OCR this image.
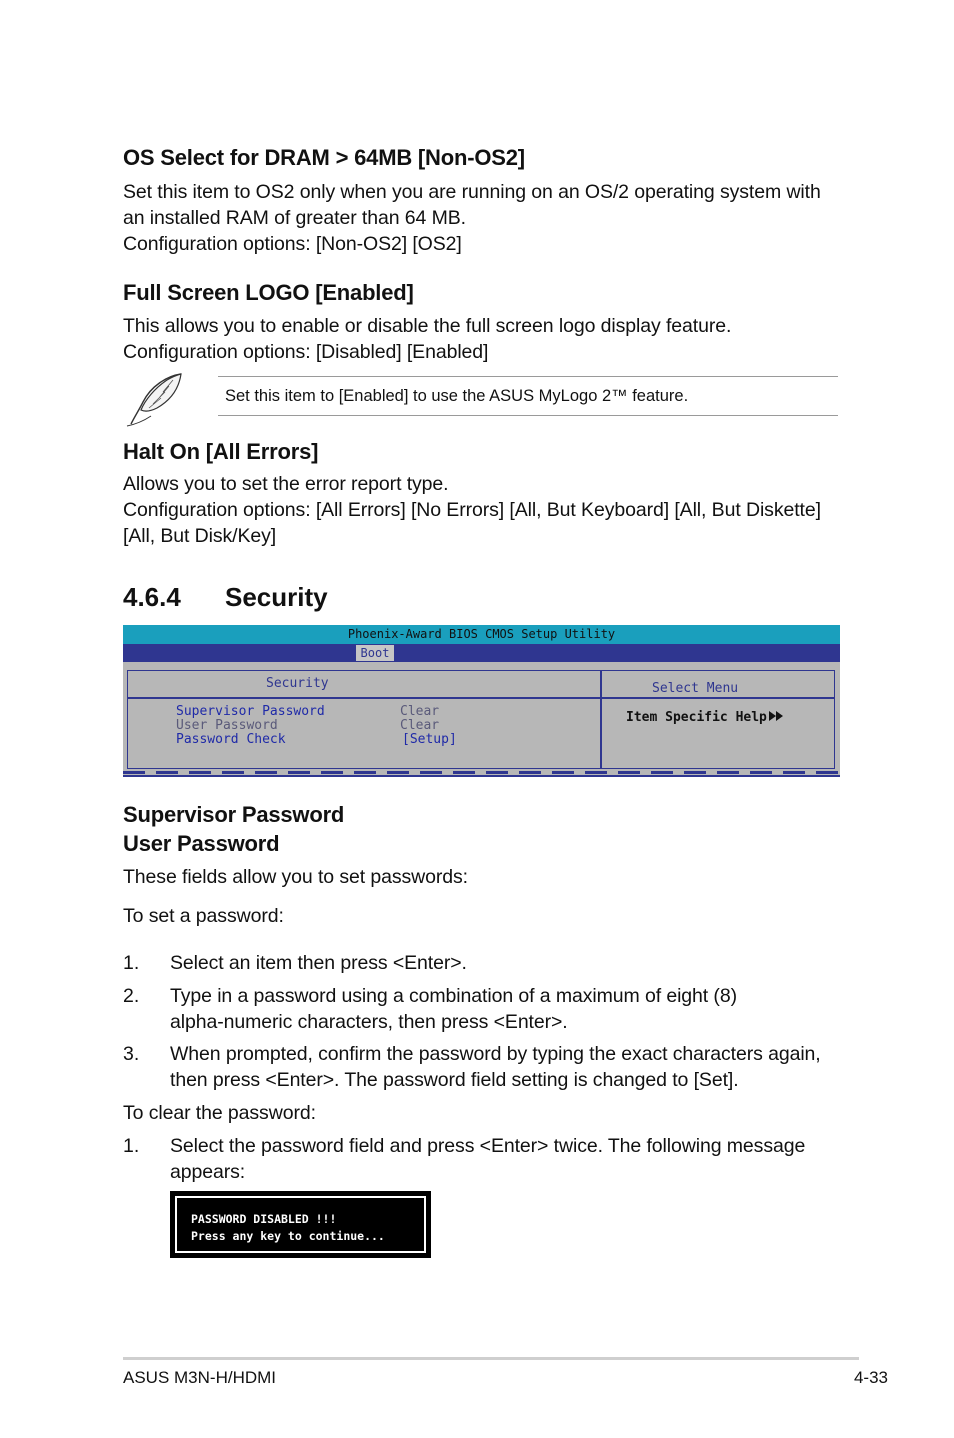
OS Select for DRAM > 64MB [Non-OS2]
Set this item to OS2 only when you are running on an OS/2 operating system with
an installed RAM of greater than 64 MB.
Configuration options: [Non-OS2] [OS2]
Full Screen LOGO [Enabled]
This allows you to enable or disable the full screen logo display feature.
Configuration options: [Disabled] [Enabled]
Set this item to [Enabled] to use the ASUS MyLogo 2™ feature.
Halt On [All Errors]
Allows you to set the error report type.
Configuration options: [All Errors] [No Errors] [All, But Keyboard] [All, But Diskette]
[All, But Disk/Key]
4.6.4 Security
Phoenix-Award BIOS CMOS Setup Utility
Boot
Security	Select Menu
Supervisor Password	Clear
User Password	Clear
Password Check	[Setup]
Item Specific Help
Supervisor Password
User Password
These fields allow you to set passwords:
To set a password:
1. Select an item then press <Enter>.
2. Type in a password using a combination of a maximum of eight (8)
alpha-numeric characters, then press <Enter>.
3. When prompted, confirm the password by typing the exact characters again,
then press <Enter>. The password field setting is changed to [Set].
To clear the password:
1. Select the password field and press <Enter> twice. The following message
appears:
PASSWORD DISABLED !!!
Press any key to continue...
ASUS M3N-H/HDMI	4-33
